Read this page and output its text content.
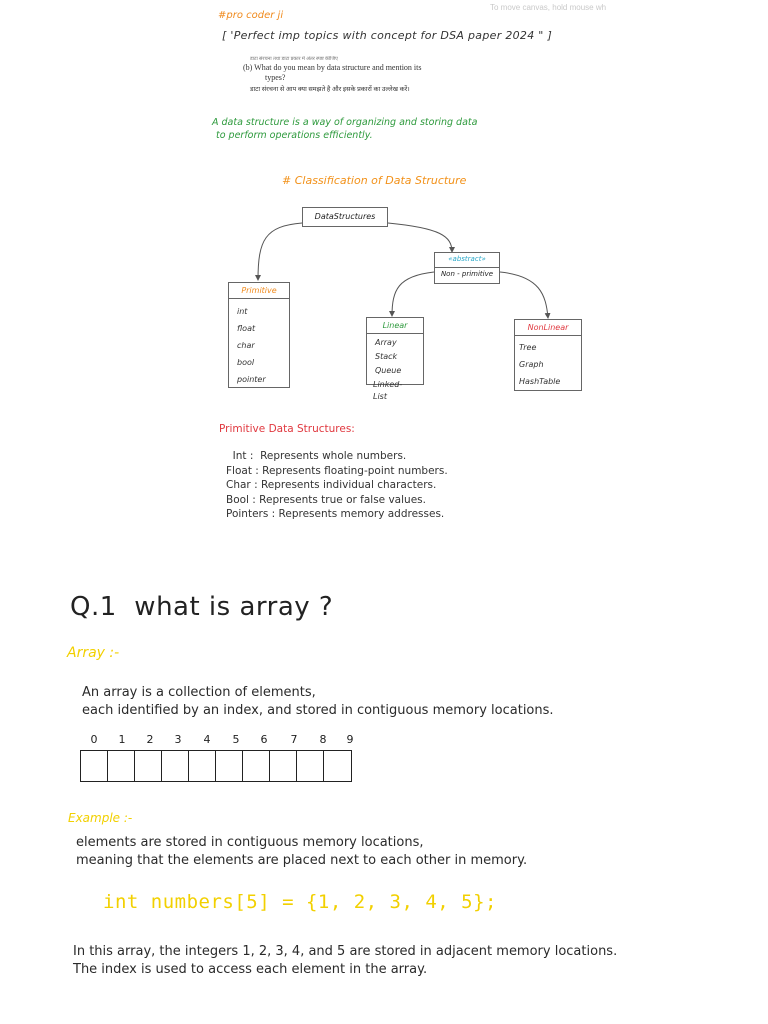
To move canvas, hold mouse wh
#pro coder ji
[ 'Perfect imp topics with concept for DSA paper 2024 " ]
डाटा संरचना तथा डाटा प्रकार में अंतर स्पष्ट कीजिए
(b) What do you mean by data structure and mention its
types?
डाटा संरचना से आप क्या समझते है और इसके प्रकारों का उल्लेख करें।
A data structure is a way of organizing and storing data
to perform operations efficiently.
# Classification of Data Structure
DataStructures
«abstract»
Non - primitive
Primitive
int
float
char
bool
pointer
Linear
Array
Stack
Queue
Linked-List
NonLinear
Tree
Graph
HashTable
Primitive Data Structures:
Int :  Represents whole numbers.
Float : Represents floating-point numbers.
Char : Represents individual characters.
Bool : Represents true or false values.
Pointers : Represents memory addresses.
Q.1  what is array ?
Array :-
An array is a collection of elements,
each identified by an index, and stored in contiguous memory locations.
0	1	2	3	4	5	6	7	8	9
Example :-
elements are stored in contiguous memory locations,
meaning that the elements are placed next to each other in memory.
int numbers[5] = {1, 2, 3, 4, 5};
In this array, the integers 1, 2, 3, 4, and 5 are stored in adjacent memory locations.
The index is used to access each element in the array.
